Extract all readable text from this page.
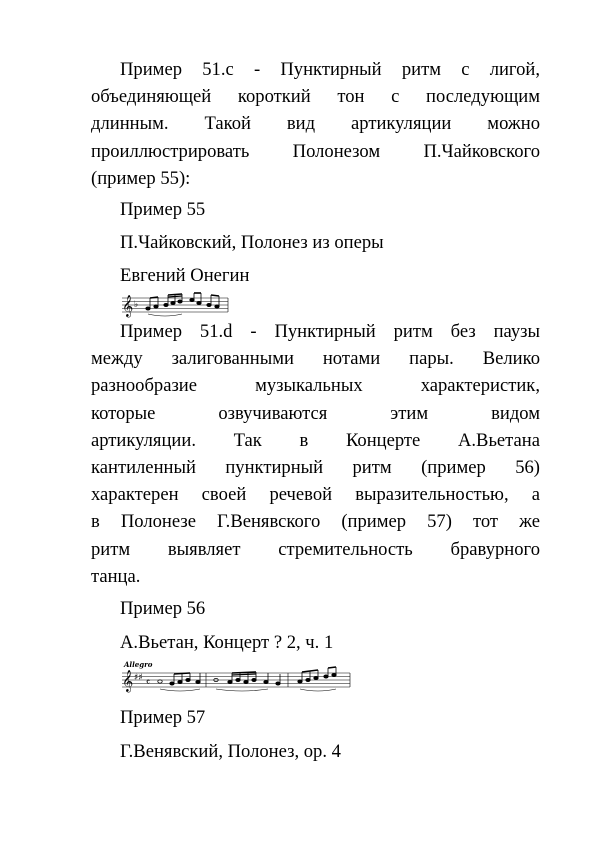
Пример 51.с - Пунктирный ритм с лигой,
объединяющей короткий тон с последующим
длинным. Такой вид артикуляции можно
проиллюстрировать Полонезом П.Чайковского
(пример 55):

Пример 55

П.Чайковский, Полонез из оперы

Евгений Онегин

𝄞 ♭
Пример 51.d - Пунктирный ритм без паузы
между залигованными нотами пары. Велико
разнообразие музыкальных характеристик,
которые озвучиваются этим видом
артикуляции. Так в Концерте А.Вьетана
кантиленный пунктирный ритм (пример 56)
характерен своей речевой выразительностью, а
в Полонезе Г.Венявского (пример 57) тот же
ритм выявляет стремительность бравурного
танца.

Пример 56

А.Вьетан, Концерт ? 2, ч. 1

Allegro
𝄞 ♯♯ 𝄴

Пример 57

Г.Венявский, Полонез, ор. 4
